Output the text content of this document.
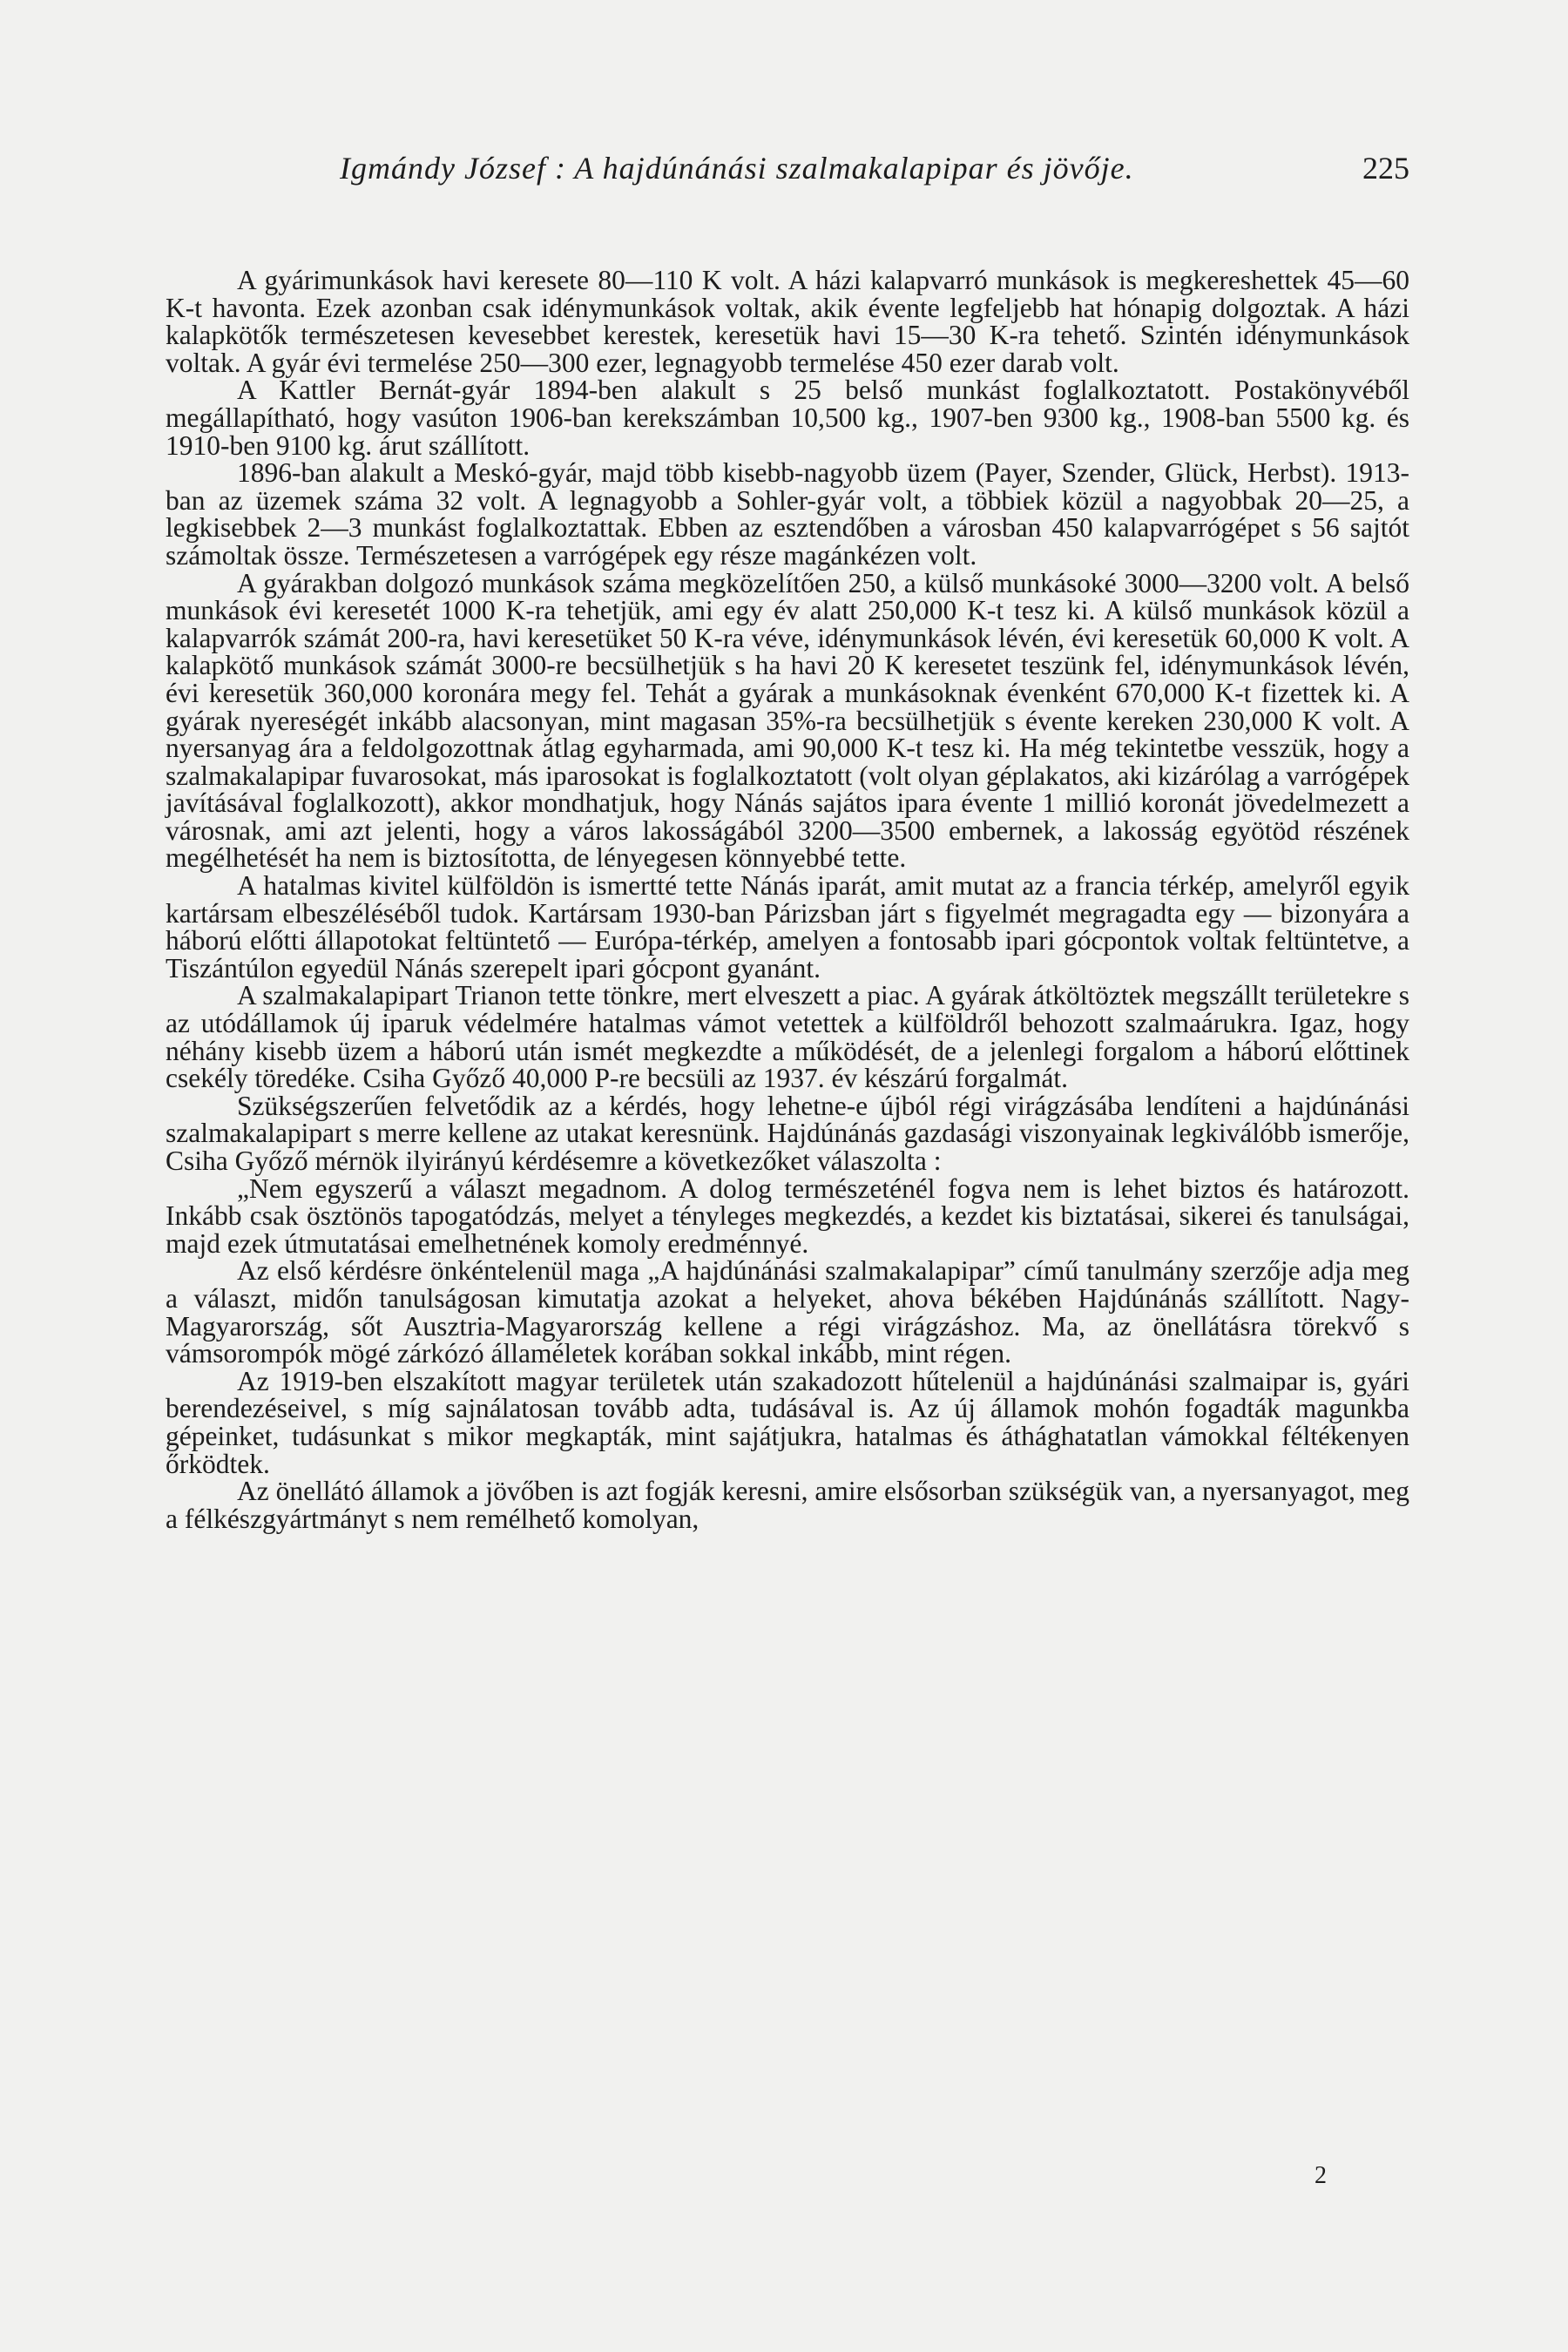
Igmándy József : A hajdúnánási szalmakalapipar és jövője.	225

A gyárimunkások havi keresete 80—110 K volt. A házi kalapvarró munkások is megkereshettek 45—60 K-t havonta. Ezek azonban csak idénymunkások voltak, akik évente legfeljebb hat hónapig dolgoztak. A házi kalapkötők természetesen kevesebbet kerestek, keresetük havi 15—30 K-ra tehető. Szintén idénymunkások voltak. A gyár évi termelése 250—300 ezer, legnagyobb termelése 450 ezer darab volt.

A Kattler Bernát-gyár 1894-ben alakult s 25 belső munkást foglalkoztatott. Postakönyvéből megállapítható, hogy vasúton 1906-ban kerekszámban 10,500 kg., 1907-ben 9300 kg., 1908-ban 5500 kg. és 1910-ben 9100 kg. árut szállított.

1896-ban alakult a Meskó-gyár, majd több kisebb-nagyobb üzem (Payer, Szender, Glück, Herbst). 1913-ban az üzemek száma 32 volt. A legnagyobb a Sohler-gyár volt, a többiek közül a nagyobbak 20—25, a legkisebbek 2—3 munkást foglalkoztattak. Ebben az esztendőben a városban 450 kalapvarrógépet s 56 sajtót számoltak össze. Természetesen a varrógépek egy része magánkézen volt.

A gyárakban dolgozó munkások száma megközelítően 250, a külső munkásoké 3000—3200 volt. A belső munkások évi keresetét 1000 K-ra tehetjük, ami egy év alatt 250,000 K-t tesz ki. A külső munkások közül a kalapvarrók számát 200-ra, havi keresetüket 50 K-ra véve, idénymunkások lévén, évi keresetük 60,000 K volt. A kalapkötő munkások számát 3000-re becsülhetjük s ha havi 20 K keresetet teszünk fel, idénymunkások lévén, évi keresetük 360,000 koronára megy fel. Tehát a gyárak a munkásoknak évenként 670,000 K-t fizettek ki. A gyárak nyereségét inkább alacsonyan, mint magasan 35%-ra becsülhetjük s évente kereken 230,000 K volt. A nyersanyag ára a feldolgozottnak átlag egyharmada, ami 90,000 K-t tesz ki. Ha még tekintetbe vesszük, hogy a szalmakalapipar fuvarosokat, más iparosokat is foglalkoztatott (volt olyan géplakatos, aki kizárólag a varrógépek javításával foglalkozott), akkor mondhatjuk, hogy Nánás sajátos ipara évente 1 millió koronát jövedelmezett a városnak, ami azt jelenti, hogy a város lakosságából 3200—3500 embernek, a lakosság egyötöd részének megélhetését ha nem is biztosította, de lényegesen könnyebbé tette.

A hatalmas kivitel külföldön is ismertté tette Nánás iparát, amit mutat az a francia térkép, amelyről egyik kartársam elbeszéléséből tudok. Kartársam 1930-ban Párizsban járt s figyelmét megragadta egy — bizonyára a háború előtti állapotokat feltüntető — Európa-térkép, amelyen a fontosabb ipari gócpontok voltak feltüntetve, a Tiszántúlon egyedül Nánás szerepelt ipari gócpont gyanánt.

A szalmakalapipart Trianon tette tönkre, mert elveszett a piac. A gyárak átköltöztek megszállt területekre s az utódállamok új iparuk védelmére hatalmas vámot vetettek a külföldről behozott szalmaárukra. Igaz, hogy néhány kisebb üzem a háború után ismét megkezdte a működését, de a jelenlegi forgalom a háború előttinek csekély töredéke. Csiha Győző 40,000 P-re becsüli az 1937. év készárú forgalmát.

Szükségszerűen felvetődik az a kérdés, hogy lehetne-e újból régi virágzásába lendíteni a hajdúnánási szalmakalapipart s merre kellene az utakat keresnünk. Hajdúnánás gazdasági viszonyainak legkiválóbb ismerője, Csiha Győző mérnök ilyirányú kérdésemre a következőket válaszolta :

„Nem egyszerű a választ megadnom. A dolog természeténél fogva nem is lehet biztos és határozott. Inkább csak ösztönös tapogatódzás, melyet a tényleges megkezdés, a kezdet kis biztatásai, sikerei és tanulságai, majd ezek útmutatásai emelhetnének komoly eredménnyé.

Az első kérdésre önkéntelenül maga „A hajdúnánási szalmakalapipar” című tanulmány szerzője adja meg a választ, midőn tanulságosan kimutatja azokat a helyeket, ahova békében Hajdúnánás szállított. Nagy-Magyarország, sőt Ausztria-Magyarország kellene a régi virágzáshoz. Ma, az önellátásra törekvő s vámsorompók mögé zárkózó államéletek korában sokkal inkább, mint régen.

Az 1919-ben elszakított magyar területek után szakadozott hűtelenül a hajdúnánási szalmaipar is, gyári berendezéseivel, s míg sajnálatosan tovább adta, tudásával is. Az új államok mohón fogadták magunkba gépeinket, tudásunkat s mikor megkapták, mint sajátjukra, hatalmas és áthághatatlan vámokkal féltékenyen őrködtek.

Az önellátó államok a jövőben is azt fogják keresni, amire elsősorban szükségük van, a nyersanyagot, meg a félkészgyártmányt s nem remélhető komolyan,

2
